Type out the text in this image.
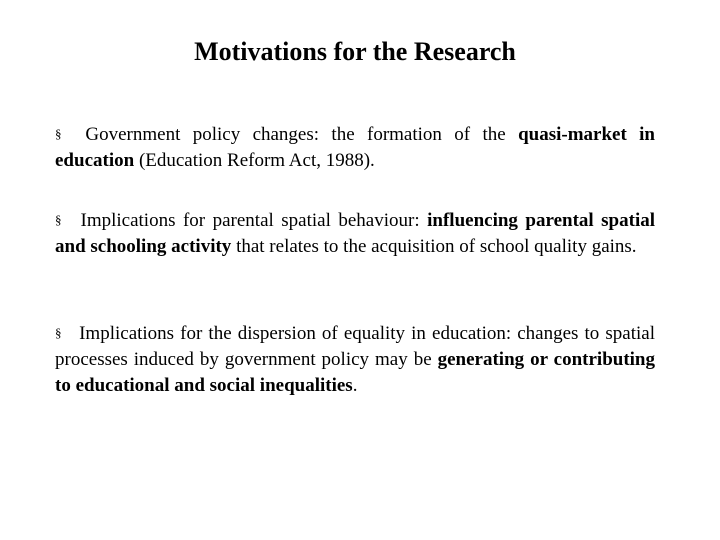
Motivations for the Research

§ Government policy changes: the formation of the quasi-market in education (Education Reform Act, 1988).

§ Implications for parental spatial behaviour: influencing parental spatial and schooling activity that relates to the acquisition of school quality gains.

§ Implications for the dispersion of equality in education: changes to spatial processes induced by government policy may be generating or contributing to educational and social inequalities.
